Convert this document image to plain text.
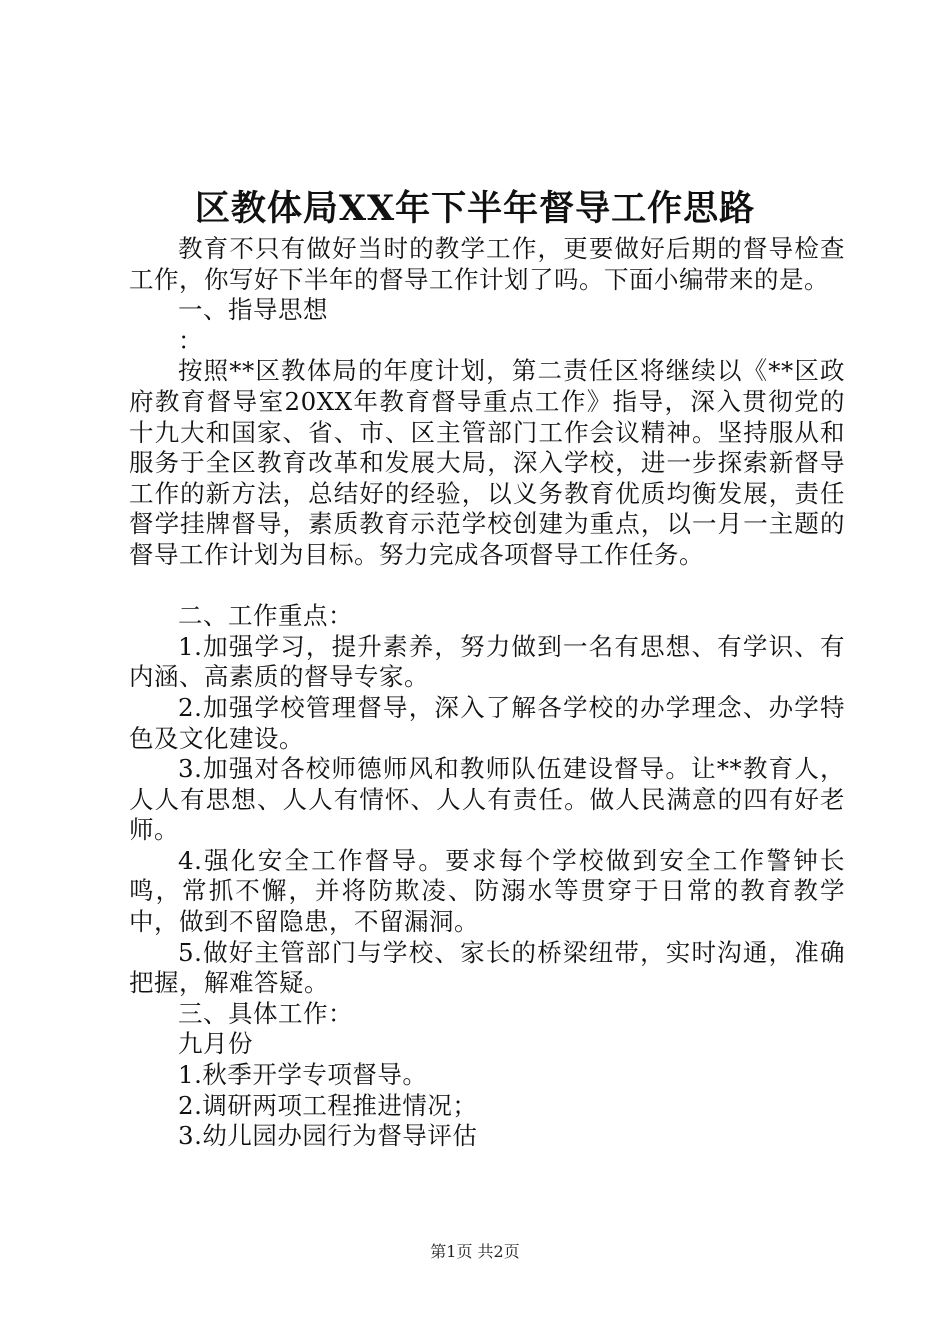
区教体局XX年下半年督导工作思路

教育不只有做好当时的教学工作，更要做好后期的督导检查工作，你写好下半年的督导工作计划了吗。下面小编带来的是。

一、指导思想

：

按照**区教体局的年度计划，第二责任区将继续以《**区政府教育督导室20XX年教育督导重点工作》指导，深入贯彻党的十九大和国家、省、市、区主管部门工作会议精神。坚持服从和服务于全区教育改革和发展大局，深入学校，进一步探索新督导工作的新方法，总结好的经验，以义务教育优质均衡发展，责任督学挂牌督导，素质教育示范学校创建为重点，以一月一主题的督导工作计划为目标。努力完成各项督导工作任务。

二、工作重点：

1.加强学习，提升素养，努力做到一名有思想、有学识、有内涵、高素质的督导专家。

2.加强学校管理督导，深入了解各学校的办学理念、办学特色及文化建设。

3.加强对各校师德师风和教师队伍建设督导。让**教育人，人人有思想、人人有情怀、人人有责任。做人民满意的四有好老师。

4.强化安全工作督导。要求每个学校做到安全工作警钟长鸣，常抓不懈，并将防欺凌、防溺水等贯穿于日常的教育教学中，做到不留隐患，不留漏洞。

5.做好主管部门与学校、家长的桥梁纽带，实时沟通，准确把握，解难答疑。

三、具体工作：

九月份

1.秋季开学专项督导。

2.调研两项工程推进情况；

3.幼儿园办园行为督导评估

第1页 共2页
